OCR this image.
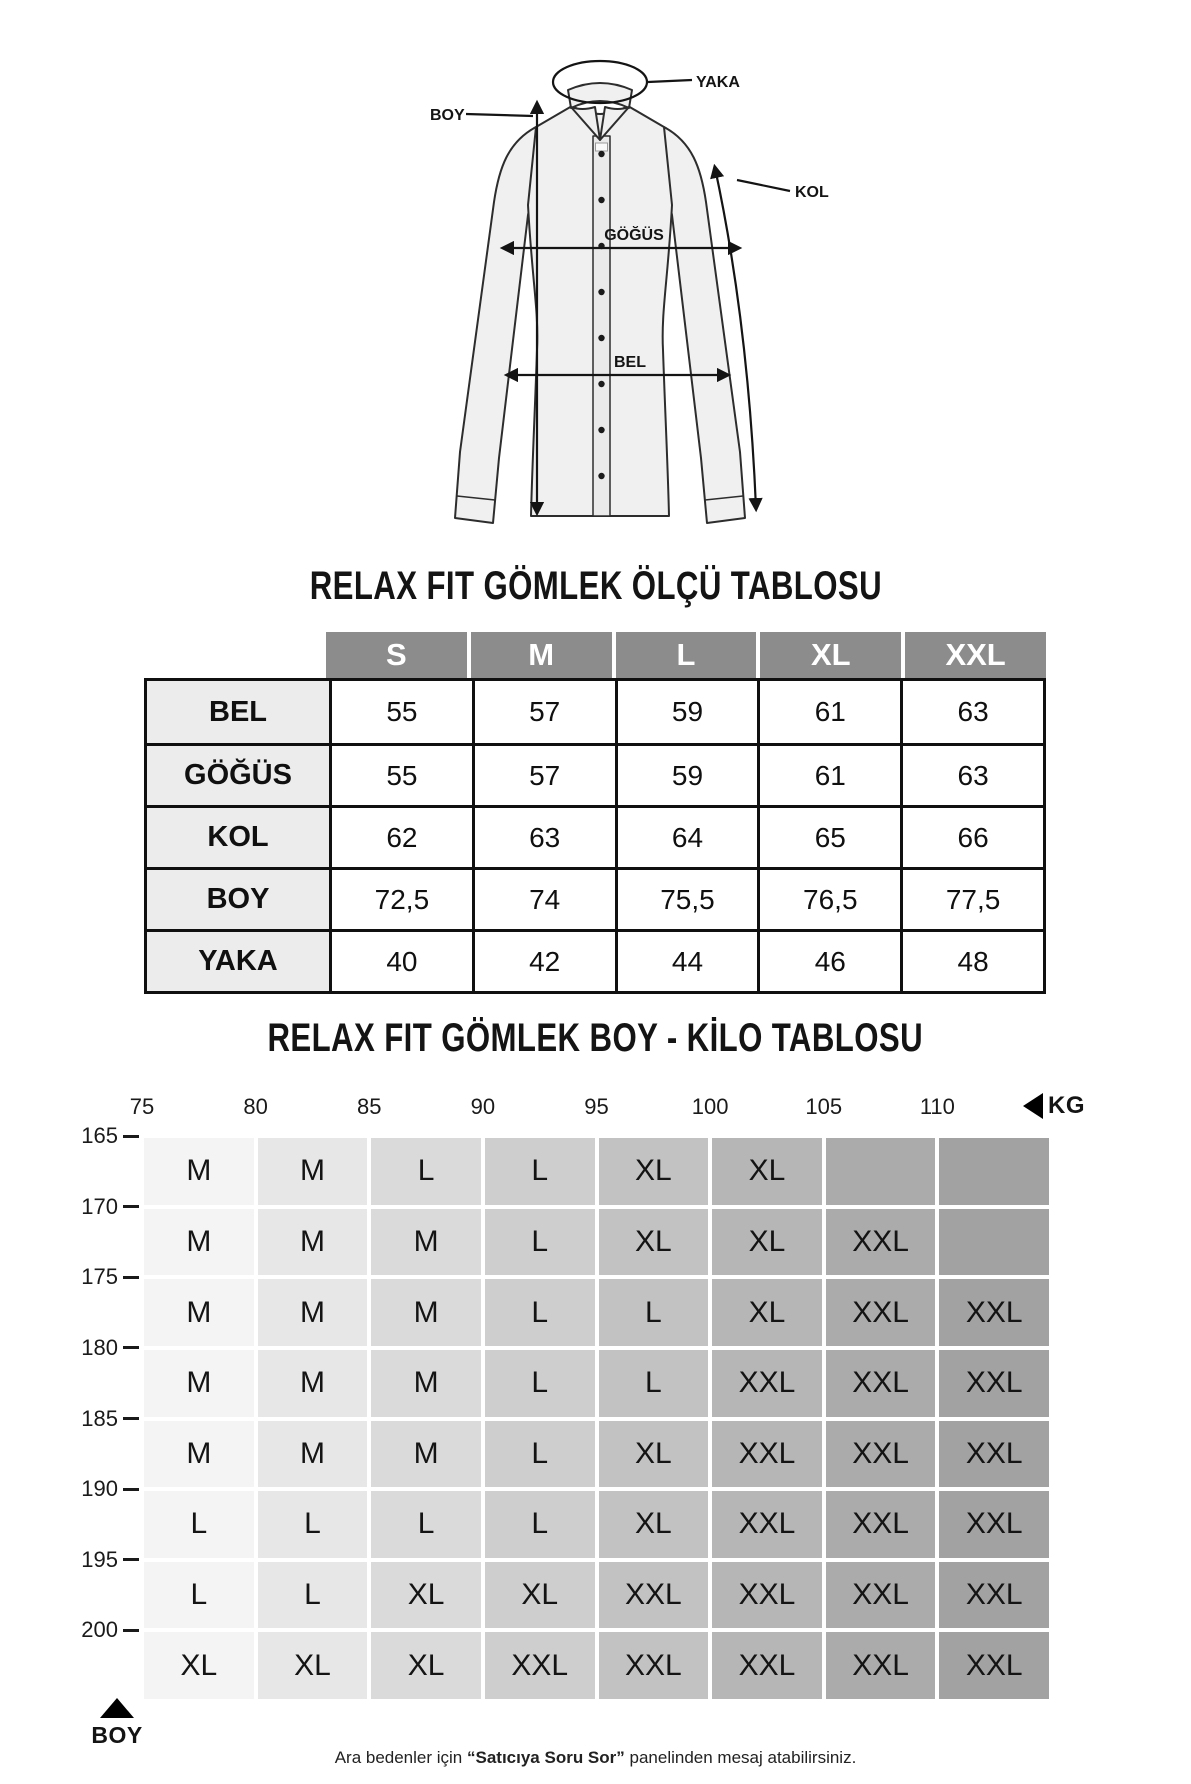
BOY
YAKA
KOL
GÖĞÜS
BEL
RELAX FIT GÖMLEK ÖLÇÜ TABLOSU
S	M	L	XL	XXL
BEL	55	57	59	61	63
GÖĞÜS	55	57	59	61	63
KOL	62	63	64	65	66
BOY	72,5	74	75,5	76,5	77,5
YAKA	40	42	44	46	48
RELAX FIT GÖMLEK BOY - KİLO TABLOSU
75	80	85	90	95	100	105	110
165
170
175
180
185
190
195
200
KG
M	M	L	L	XL	XL
M	M	M	L	XL	XL	XXL
M	M	M	L	L	XL	XXL	XXL
M	M	M	L	L	XXL	XXL	XXL
M	M	M	L	XL	XXL	XXL	XXL
L	L	L	L	XL	XXL	XXL	XXL
L	L	XL	XL	XXL	XXL	XXL	XXL
XL	XL	XL	XXL	XXL	XXL	XXL	XXL
BOY
Ara bedenler için “Satıcıya Soru Sor” panelinden mesaj atabilirsiniz.
